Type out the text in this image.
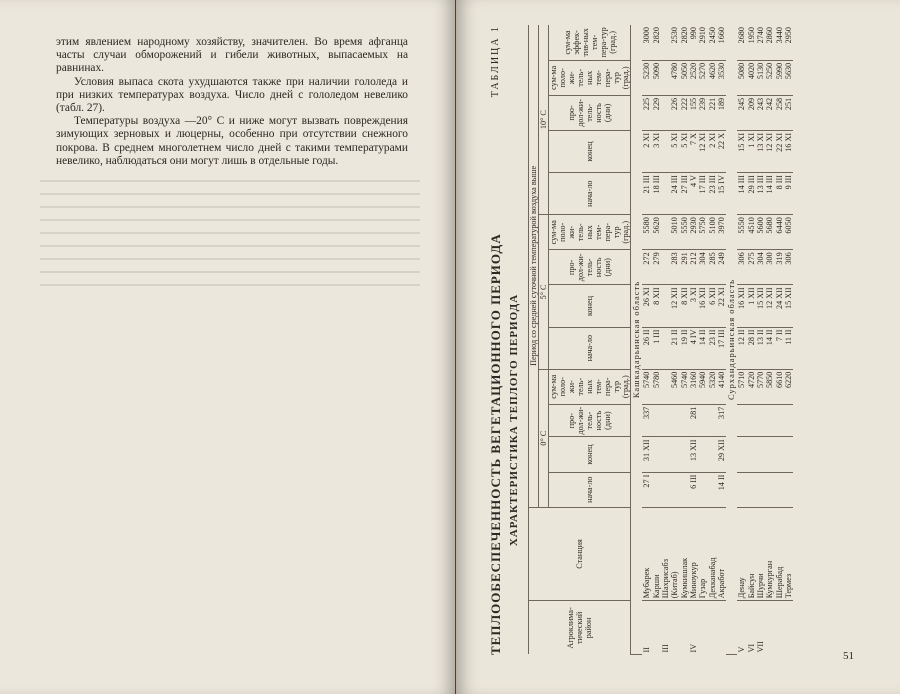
этим явлением народному хозяйству, значителен. Во время афганца часты случаи обморожений и гибели животных, выпасаемых на равнинах.

Условия выпаса скота ухудшаются также при наличии гололеда и при низких температурах воздуха. Число дней с гололедом невелико (табл. 27).

Температуры воздуха —20° С и ниже могут вызвать повреждения зимующих зерновых и люцерны, особенно при отсутствии снежного покрова. В среднем многолетнем число дней с такими температурами невелико, наблюдаться они могут лишь в отдельные годы.

ТЕПЛООБЕСПЕЧЕННОСТЬ ВЕГЕТАЦИОННОГО ПЕРИОДА
ТАБЛИЦА 1
ХАРАКТЕРИСТИКА ТЕПЛОГО ПЕРИОДА
Агроклима-тический район	Станция	Период со средней суточной температурой воздуха выше												
		0° С				5° С				10° С				
		нача-ло	конец	про-дол-жи-тель-ность (дни)	сум-ма поло-жи-тель-ных тем-пера-тур (град.)	нача-ло	конец	про-дол-жи-тель-ность (дни)	сум-ма поло-жи-тель-ных тем-пера-тур (град.)	нача-ло	конец	про-дол-жи-тель-ность (дни)	сум-ма поло-жи-тель-ных тем-пера-тур (град.)	сум-ма эффек-тив-ных тем-пера-тур (град.)
Кашкадарьинская область														
II	Мубарек	27 I	31 XII	337	5740	26 II	26 XI	272	5580	21 III	2 XI	225	5230	3000
	Карши				5780	1 III	8 XII	279	5620	18 III	3 XI	229	5090	2820
III	Шахрисабз													
	(Китаб)				5460	21 II	12 XII	283	5010	24 III	5 XI	226	4780	2530
	Кумкишлак				5740	19 II	8 XII	291	5550	27 III	5 XI	222	5050	2820
IV	Миноукур	6 III	13 XII	281	3160	4 IV	3 XI	212	2930	4 V	7 X	155	2520	990
	Гузар				5940	14 II	16 XII	304	5750	17 III	12 XI	239	5270	2910
	Дехканабад				5320	23 II	6 XII	285	5100	23 III	2 XI	221	4620	2450
	Акработ	14 II	29 XII	317	4140	17 III	22 XI	249	3970	15 IV	22 X	189	3530	1660
Сурхандарьинская область														
V	Денау				5710	12 II	16 XII	306	5550	14 III	15 XI	245	5080	2680
VI	Байсун				4720	28 II	1 XII	275	4510	29 III	1 XI	209	4020	1950
VII	Шурчи				5770	13 II	15 XII	304	5600	13 III	13 XI	243	5130	2740
	Кумкурган				5850	14 II	12 XII	300	5680	14 III	12 XI	242	5250	2860
	Шерабад				6610	7 II	24 XII	319	6440	8 III	22 XI	258	5990	3440
	Термез				6220	11 II	15 XII	306	6050	9 III	16 XI	251	5630	2950
51
